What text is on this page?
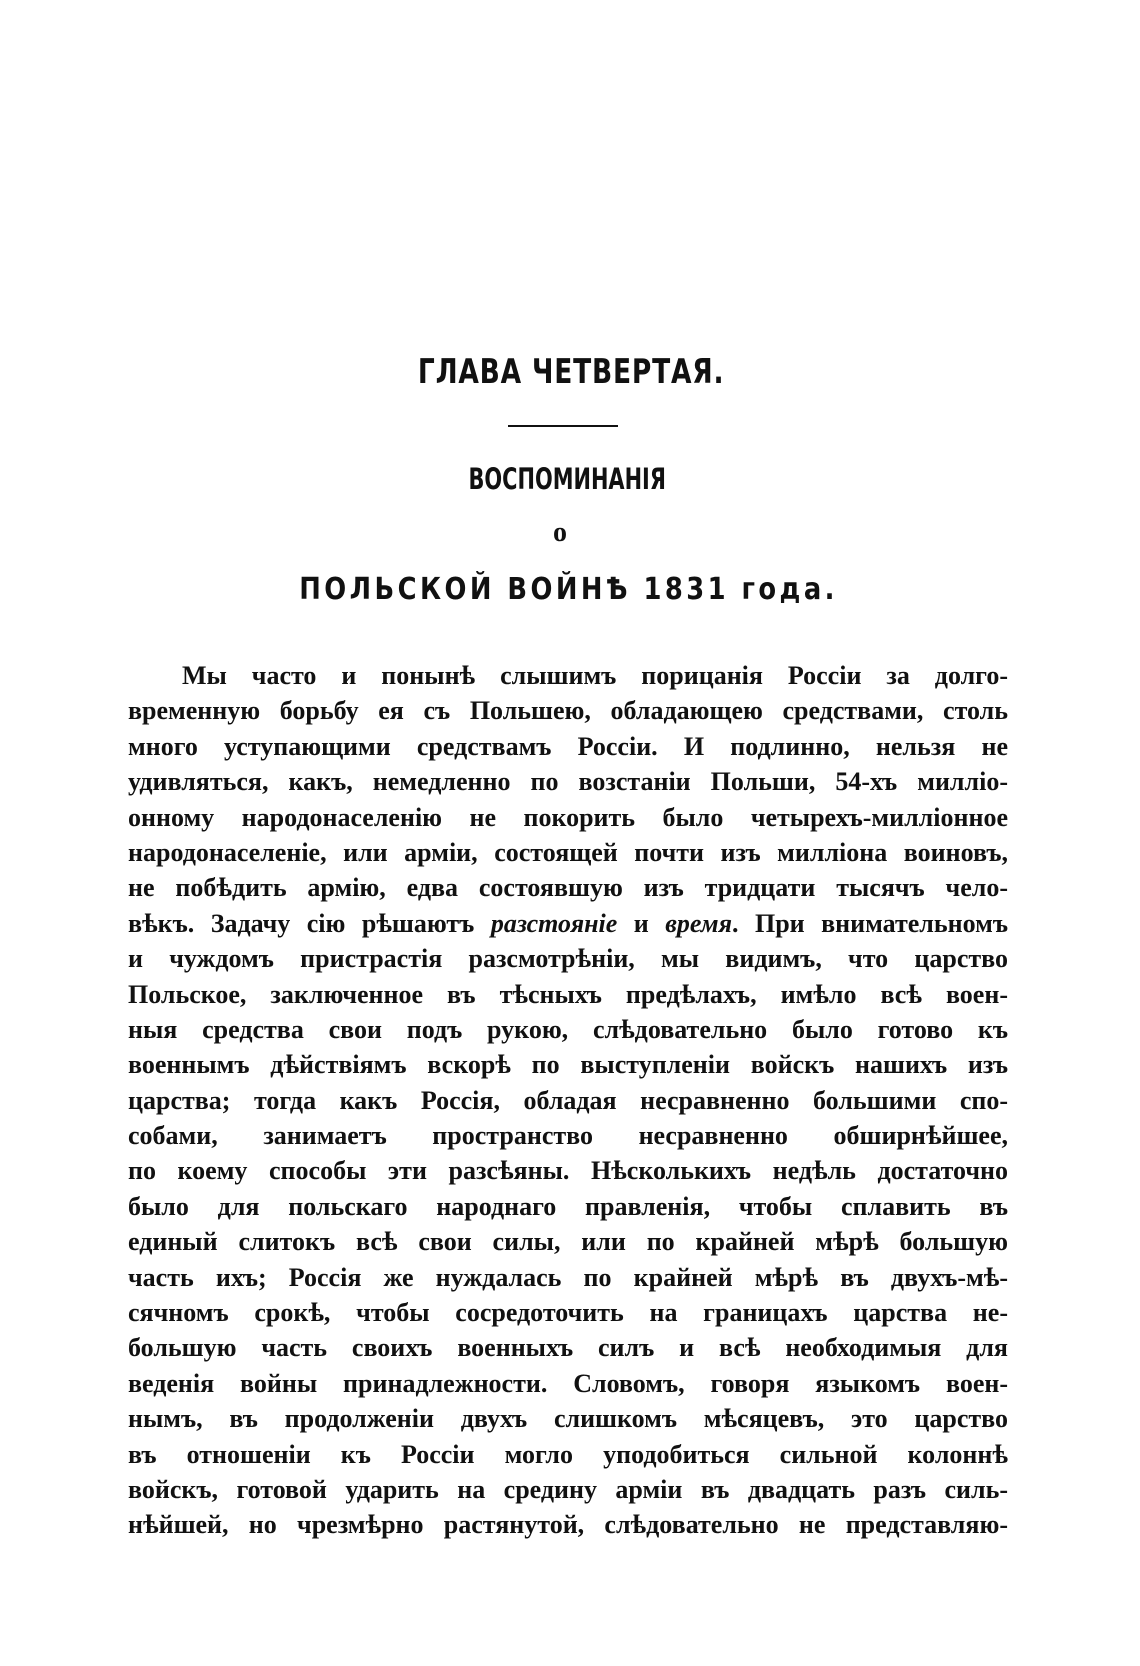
ГЛАВА ЧЕТВЕРТАЯ.
ВОСПОМИНАНІЯ
о
ПОЛЬСКОЙ ВОЙНѢ 1831 года.
Мы часто и понынѣ слышимъ порицанія Россіи за долго-
временную борьбу ея съ Польшею, обладающею средствами, столь
много уступающими средствамъ Россіи. И подлинно, нельзя не
удивляться, какъ, немедленно по возстаніи Польши, 54-хъ милліо-
онному народонаселенію не покорить было четырехъ-милліонное
народонаселеніе, или арміи, состоящей почти изъ милліона воиновъ,
не побѣдить армію, едва состоявшую изъ тридцати тысячъ чело-
вѣкъ. Задачу сію рѣшаютъ разстояніе и время. При внимательномъ
и чуждомъ пристрастія разсмотрѣніи, мы видимъ, что царство
Польское, заключенное въ тѣсныхъ предѣлахъ, имѣло всѣ воен-
ныя средства свои подъ рукою, слѣдовательно было готово къ
военнымъ дѣйствіямъ вскорѣ по выступленіи войскъ нашихъ изъ
царства; тогда какъ Россія, обладая несравненно большими спо-
собами, занимаетъ пространство несравненно обширнѣйшее,
по коему способы эти разсѣяны. Нѣсколькихъ недѣль достаточно
было для польскаго народнаго правленія, чтобы сплавить въ
единый слитокъ всѣ свои силы, или по крайней мѣрѣ большую
часть ихъ; Россія же нуждалась по крайней мѣрѣ въ двухъ-мѣ-
сячномъ срокѣ, чтобы сосредоточить на границахъ царства не-
большую часть своихъ военныхъ силъ и всѣ необходимыя для
веденія войны принадлежности. Словомъ, говоря языкомъ воен-
нымъ, въ продолженіи двухъ слишкомъ мѣсяцевъ, это царство
въ отношеніи къ Россіи могло уподобиться сильной колоннѣ
войскъ, готовой ударить на средину арміи въ двадцать разъ силь-
нѣйшей, но чрезмѣрно растянутой, слѣдовательно не представляю-
